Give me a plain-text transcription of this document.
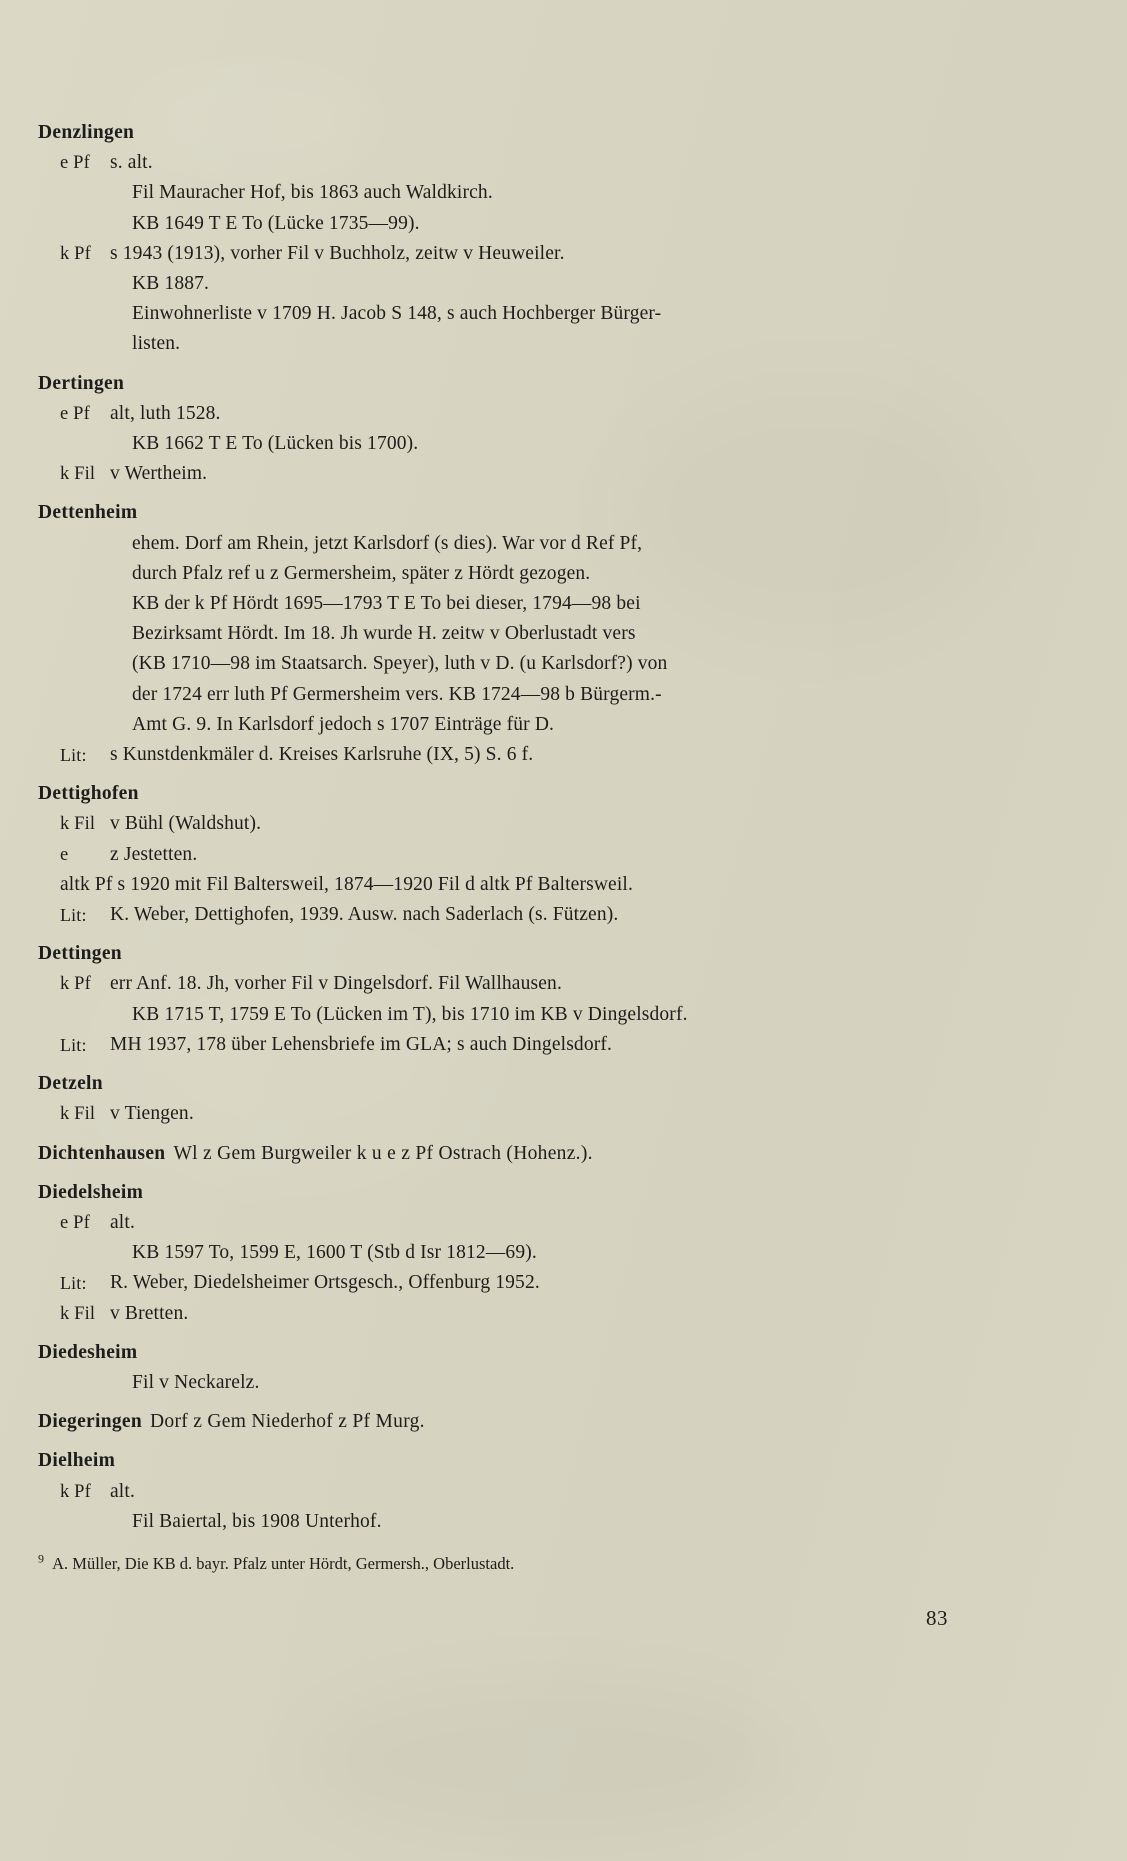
Denzlingen
e Pf	s. alt.
Fil Mauracher Hof, bis 1863 auch Waldkirch.
KB 1649 T E To (Lücke 1735—99).
k Pf s 1943 (1913), vorher Fil v Buchholz, zeitw v Heuweiler.
KB 1887.
Einwohnerliste v 1709 H. Jacob S 148, s auch Hochberger Bürger-
listen.
Dertingen
e Pf	alt, luth 1528.
KB 1662 T E To (Lücken bis 1700).
k Fil v Wertheim.
Dettenheim
ehem. Dorf am Rhein, jetzt Karlsdorf (s dies). War vor d Ref Pf,
durch Pfalz ref u z Germersheim, später z Hördt gezogen.
KB der k Pf Hördt 1695—1793 T E To bei dieser, 1794—98 bei
Bezirksamt Hördt. Im 18. Jh wurde H. zeitw v Oberlustadt vers
(KB 1710—98 im Staatsarch. Speyer), luth v D. (u Karlsdorf?) von
der 1724 err luth Pf Germersheim vers. KB 1724—98 b Bürgerm.-
Amt G. 9. In Karlsdorf jedoch s 1707 Einträge für D.
Lit:	s Kunstdenkmäler d. Kreises Karlsruhe (IX, 5) S. 6 f.
Dettighofen
k Fil v Bühl (Waldshut).
e	z Jestetten.
altk Pf s 1920 mit Fil Baltersweil, 1874—1920 Fil d altk Pf Baltersweil.
Lit:	K. Weber, Dettighofen, 1939. Ausw. nach Saderlach (s. Fützen).
Dettingen
k Pf err Anf. 18. Jh, vorher Fil v Dingelsdorf. Fil Wallhausen.
KB 1715 T, 1759 E To (Lücken im T), bis 1710 im KB v Dingelsdorf.
Lit:	MH 1937, 178 über Lehensbriefe im GLA; s auch Dingelsdorf.
Detzeln
k Fil v Tiengen.
Dichtenhausen Wl z Gem Burgweiler k u e z Pf Ostrach (Hohenz.).
Diedelsheim
e Pf	alt.
KB 1597 To, 1599 E, 1600 T (Stb d Isr 1812—69).
Lit:	R. Weber, Diedelsheimer Ortsgesch., Offenburg 1952.
k Fil v Bretten.
Diedesheim
Fil v Neckarelz.
Diegeringen Dorf z Gem Niederhof z Pf Murg.
Dielheim
k Pf alt.
Fil Baiertal, bis 1908 Unterhof.
$^9$ A. Müller, Die KB d. bayr. Pfalz unter Hördt, Germersh., Oberlustadt.
83
